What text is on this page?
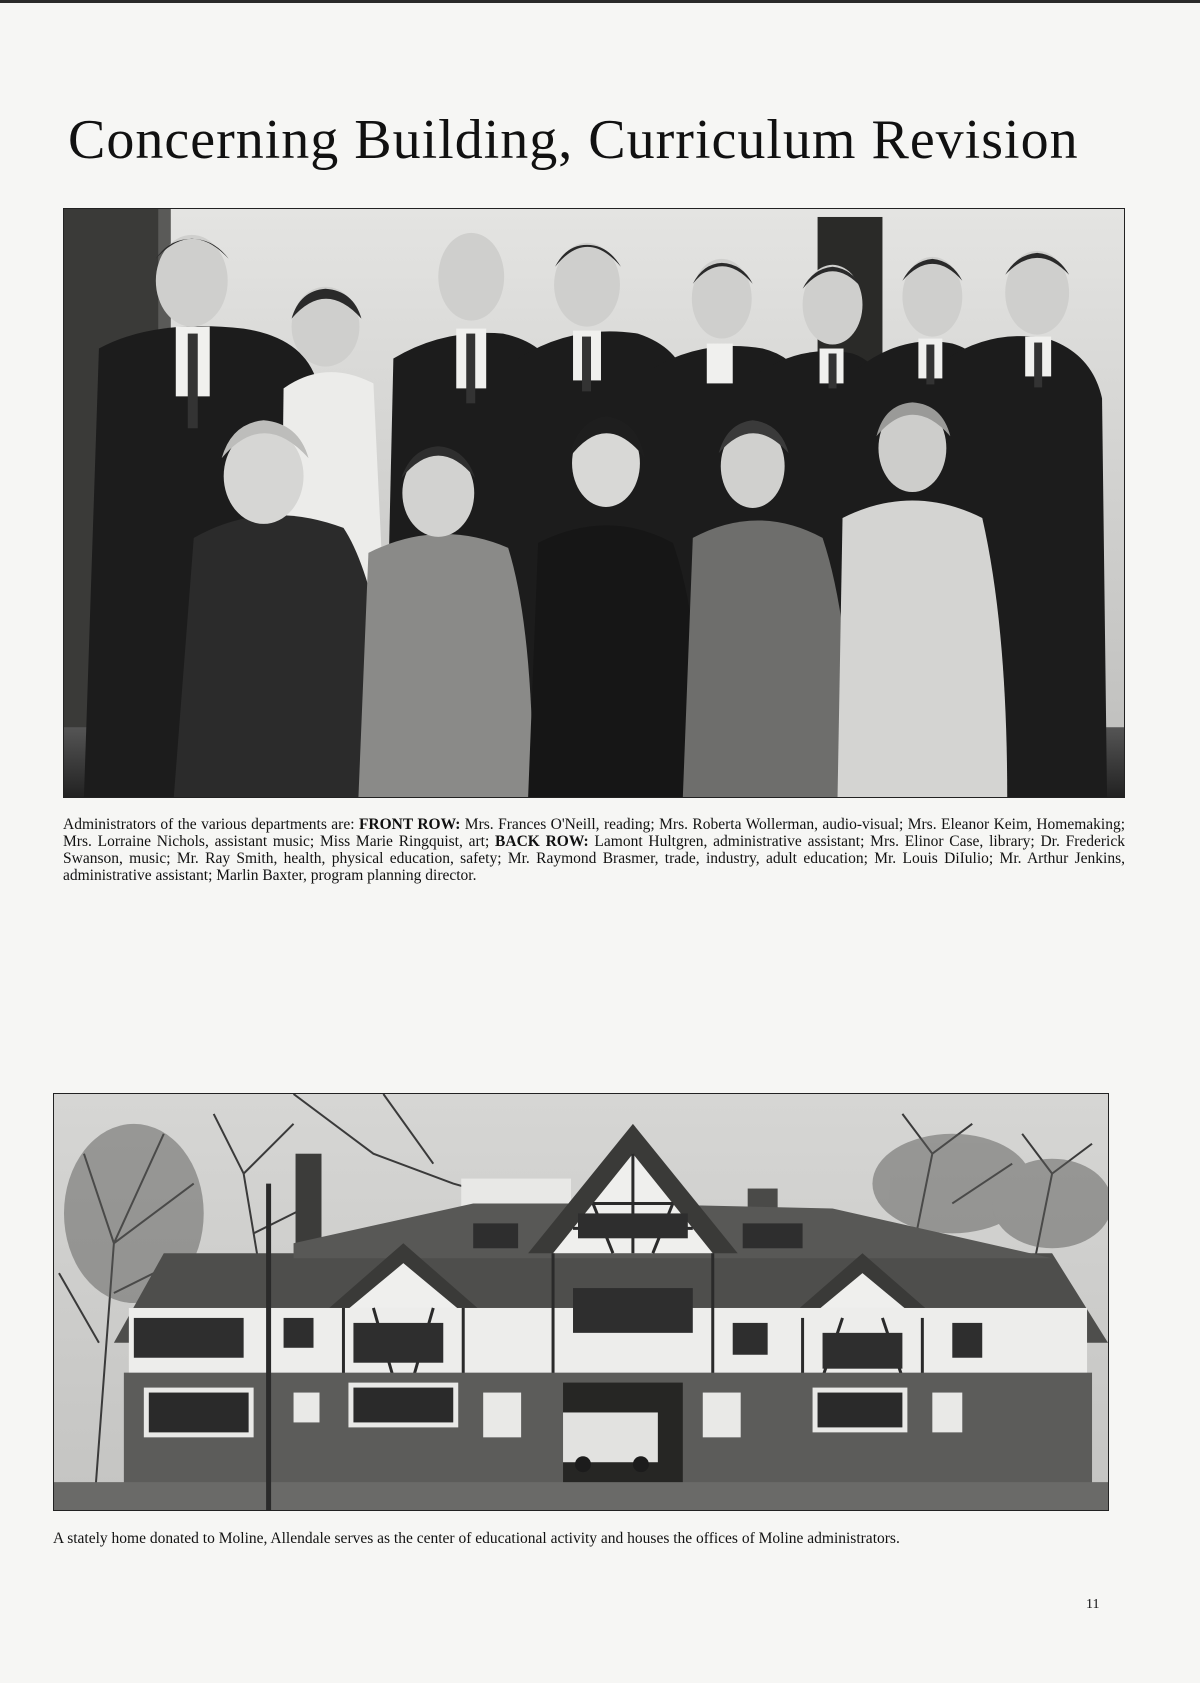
Concerning Building, Curriculum Revision

Administrators of the various departments are: FRONT ROW: Mrs. Frances O'Neill, reading; Mrs. Roberta Wollerman, audio-visual; Mrs. Eleanor Keim, Homemaking; Mrs. Lorraine Nichols, assistant music; Miss Marie Ringquist, art; BACK ROW: Lamont Hultgren, administrative assistant; Mrs. Elinor Case, library; Dr. Frederick Swanson, music; Mr. Ray Smith, health, physical education, safety; Mr. Raymond Brasmer, trade, industry, adult education; Mr. Louis DiIulio; Mr. Arthur Jenkins, administrative assistant; Marlin Baxter, program planning director.

A stately home donated to Moline, Allendale serves as the center of educational activity and houses the offices of Moline administrators.

11
